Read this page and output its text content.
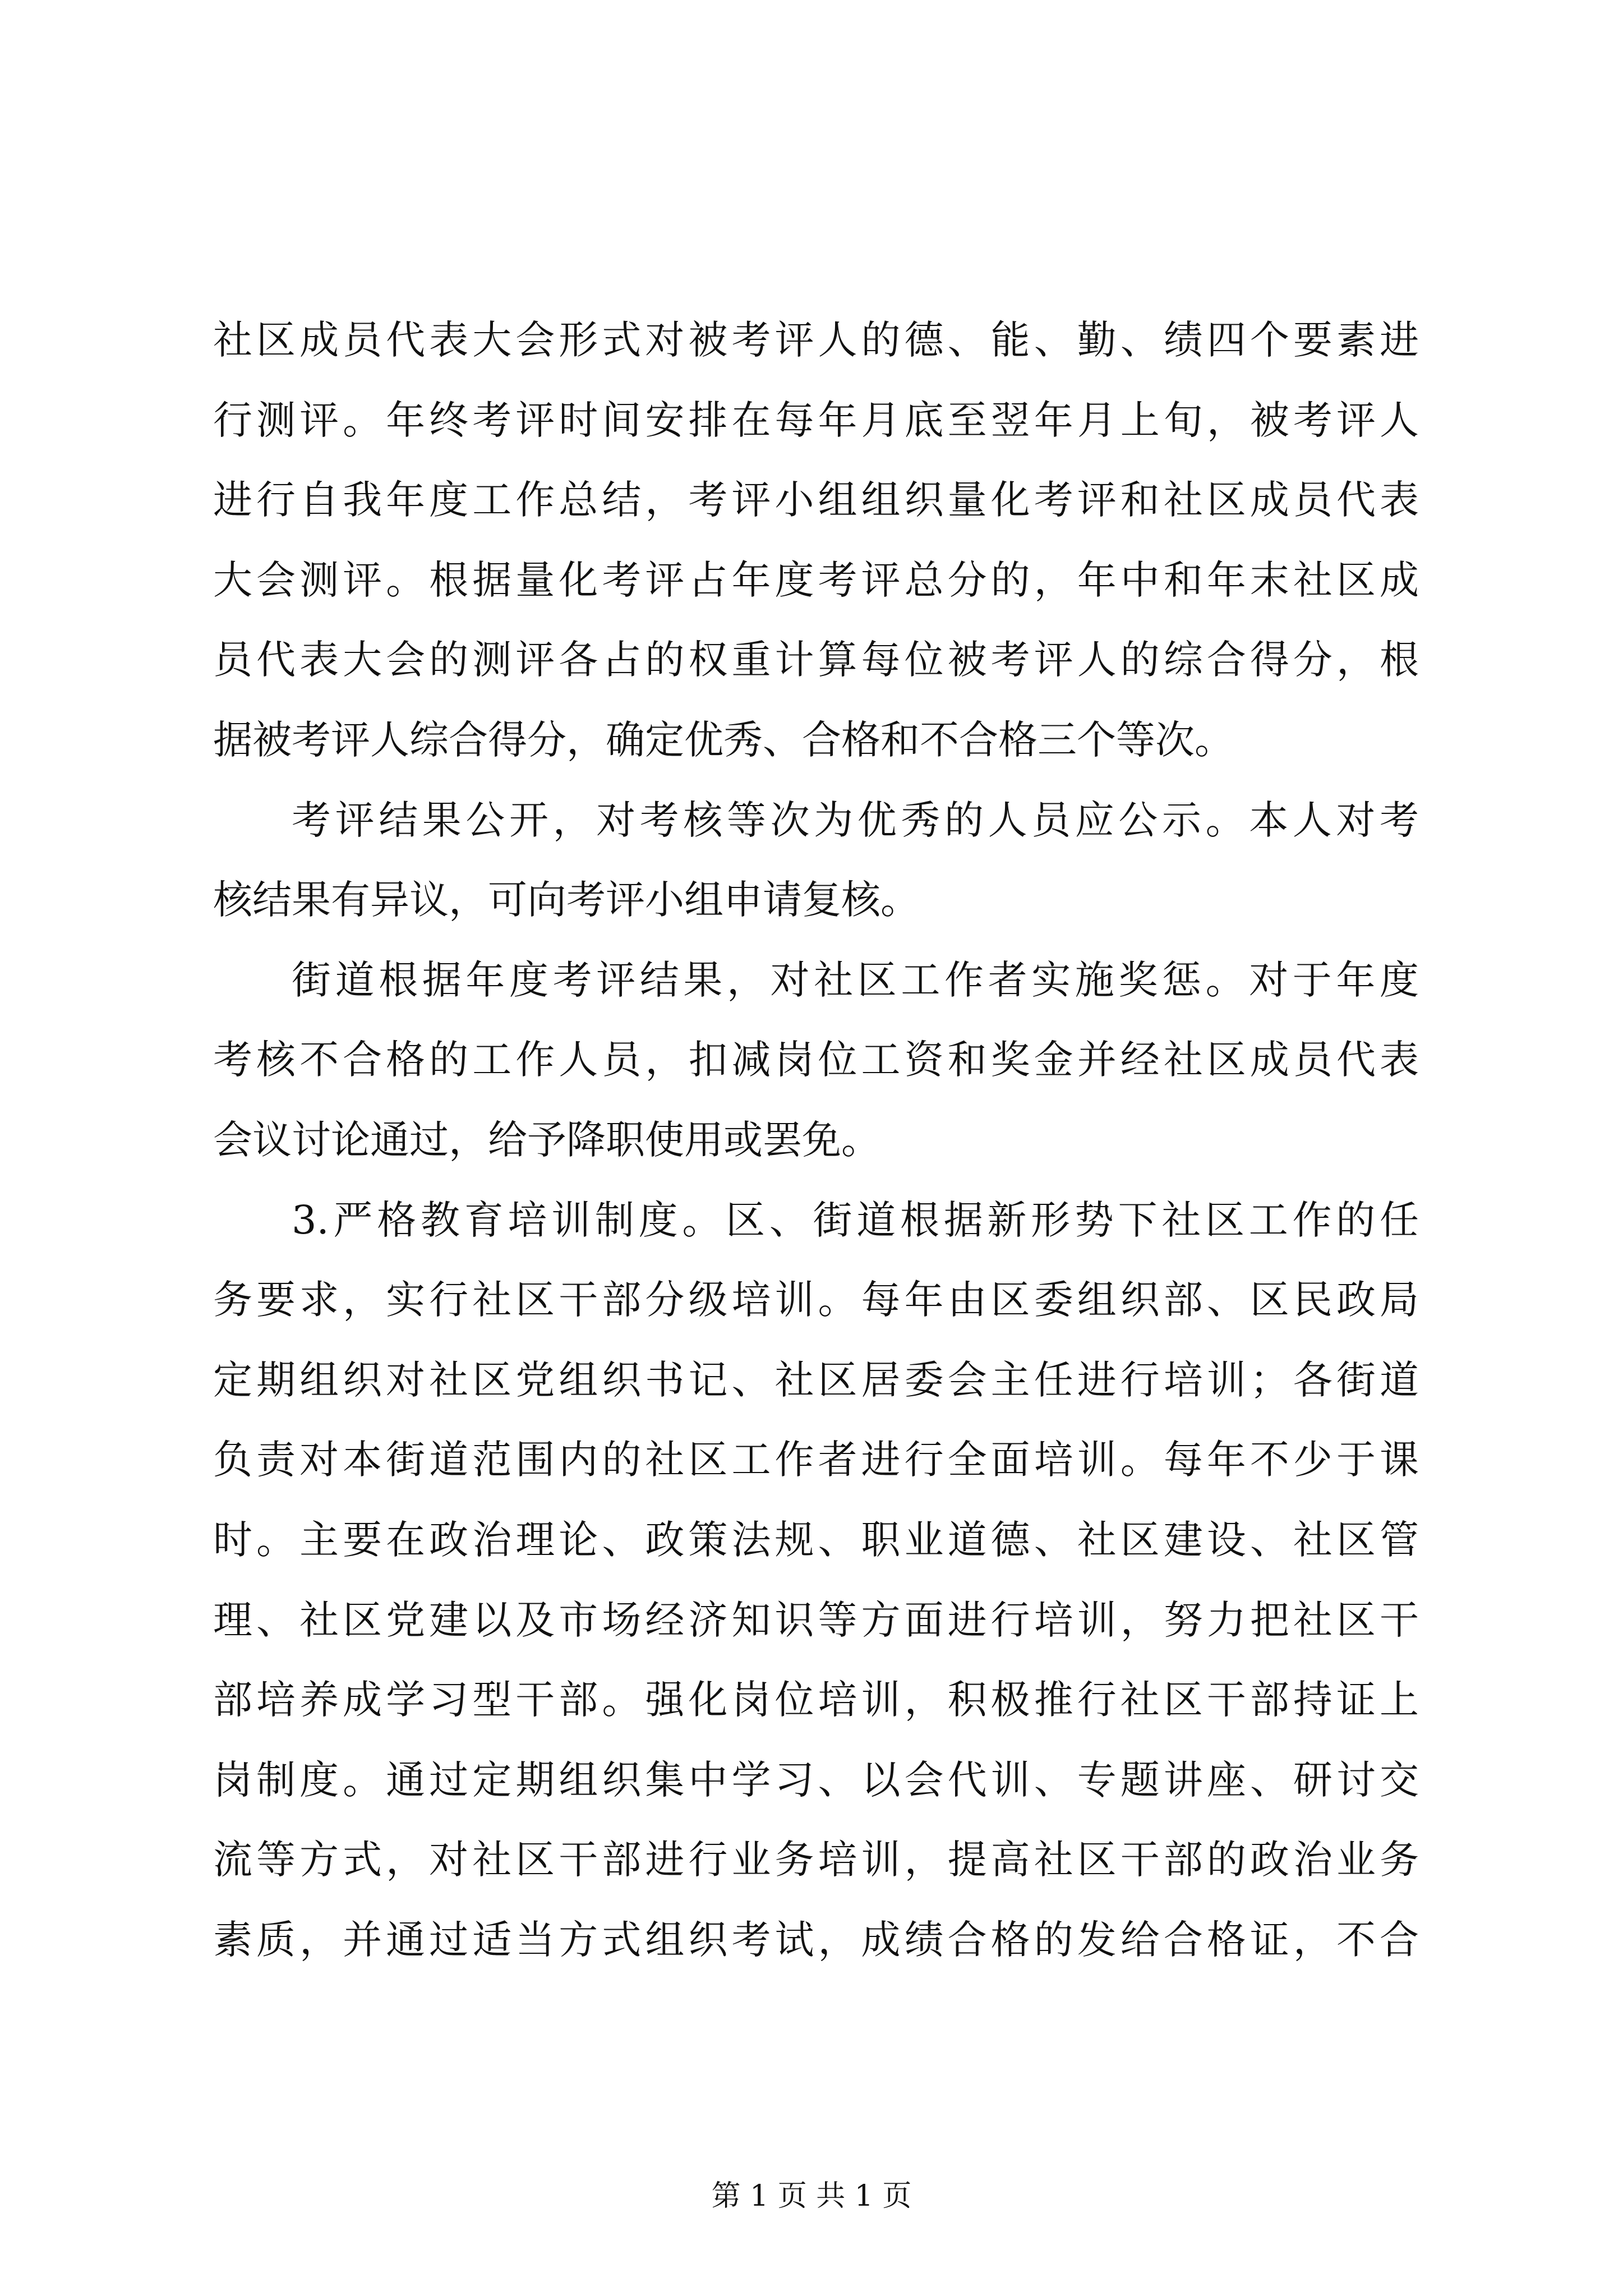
社区成员代表大会形式对被考评人的德、能、勤、绩四个要素进
行测评。年终考评时间安排在每年月底至翌年月上旬，被考评人
进行自我年度工作总结，考评小组组织量化考评和社区成员代表
大会测评。根据量化考评占年度考评总分的，年中和年末社区成
员代表大会的测评各占的权重计算每位被考评人的综合得分，根
据被考评人综合得分，确定优秀、合格和不合格三个等次。
考评结果公开，对考核等次为优秀的人员应公示。本人对考
核结果有异议，可向考评小组申请复核。
街道根据年度考评结果，对社区工作者实施奖惩。对于年度
考核不合格的工作人员，扣减岗位工资和奖金并经社区成员代表
会议讨论通过，给予降职使用或罢免。
3.严格教育培训制度。区、街道根据新形势下社区工作的任
务要求，实行社区干部分级培训。每年由区委组织部、区民政局
定期组织对社区党组织书记、社区居委会主任进行培训；各街道
负责对本街道范围内的社区工作者进行全面培训。每年不少于课
时。主要在政治理论、政策法规、职业道德、社区建设、社区管
理、社区党建以及市场经济知识等方面进行培训，努力把社区干
部培养成学习型干部。强化岗位培训，积极推行社区干部持证上
岗制度。通过定期组织集中学习、以会代训、专题讲座、研讨交
流等方式，对社区干部进行业务培训，提高社区干部的政治业务
素质，并通过适当方式组织考试，成绩合格的发给合格证，不合
第 1 页 共 1 页
